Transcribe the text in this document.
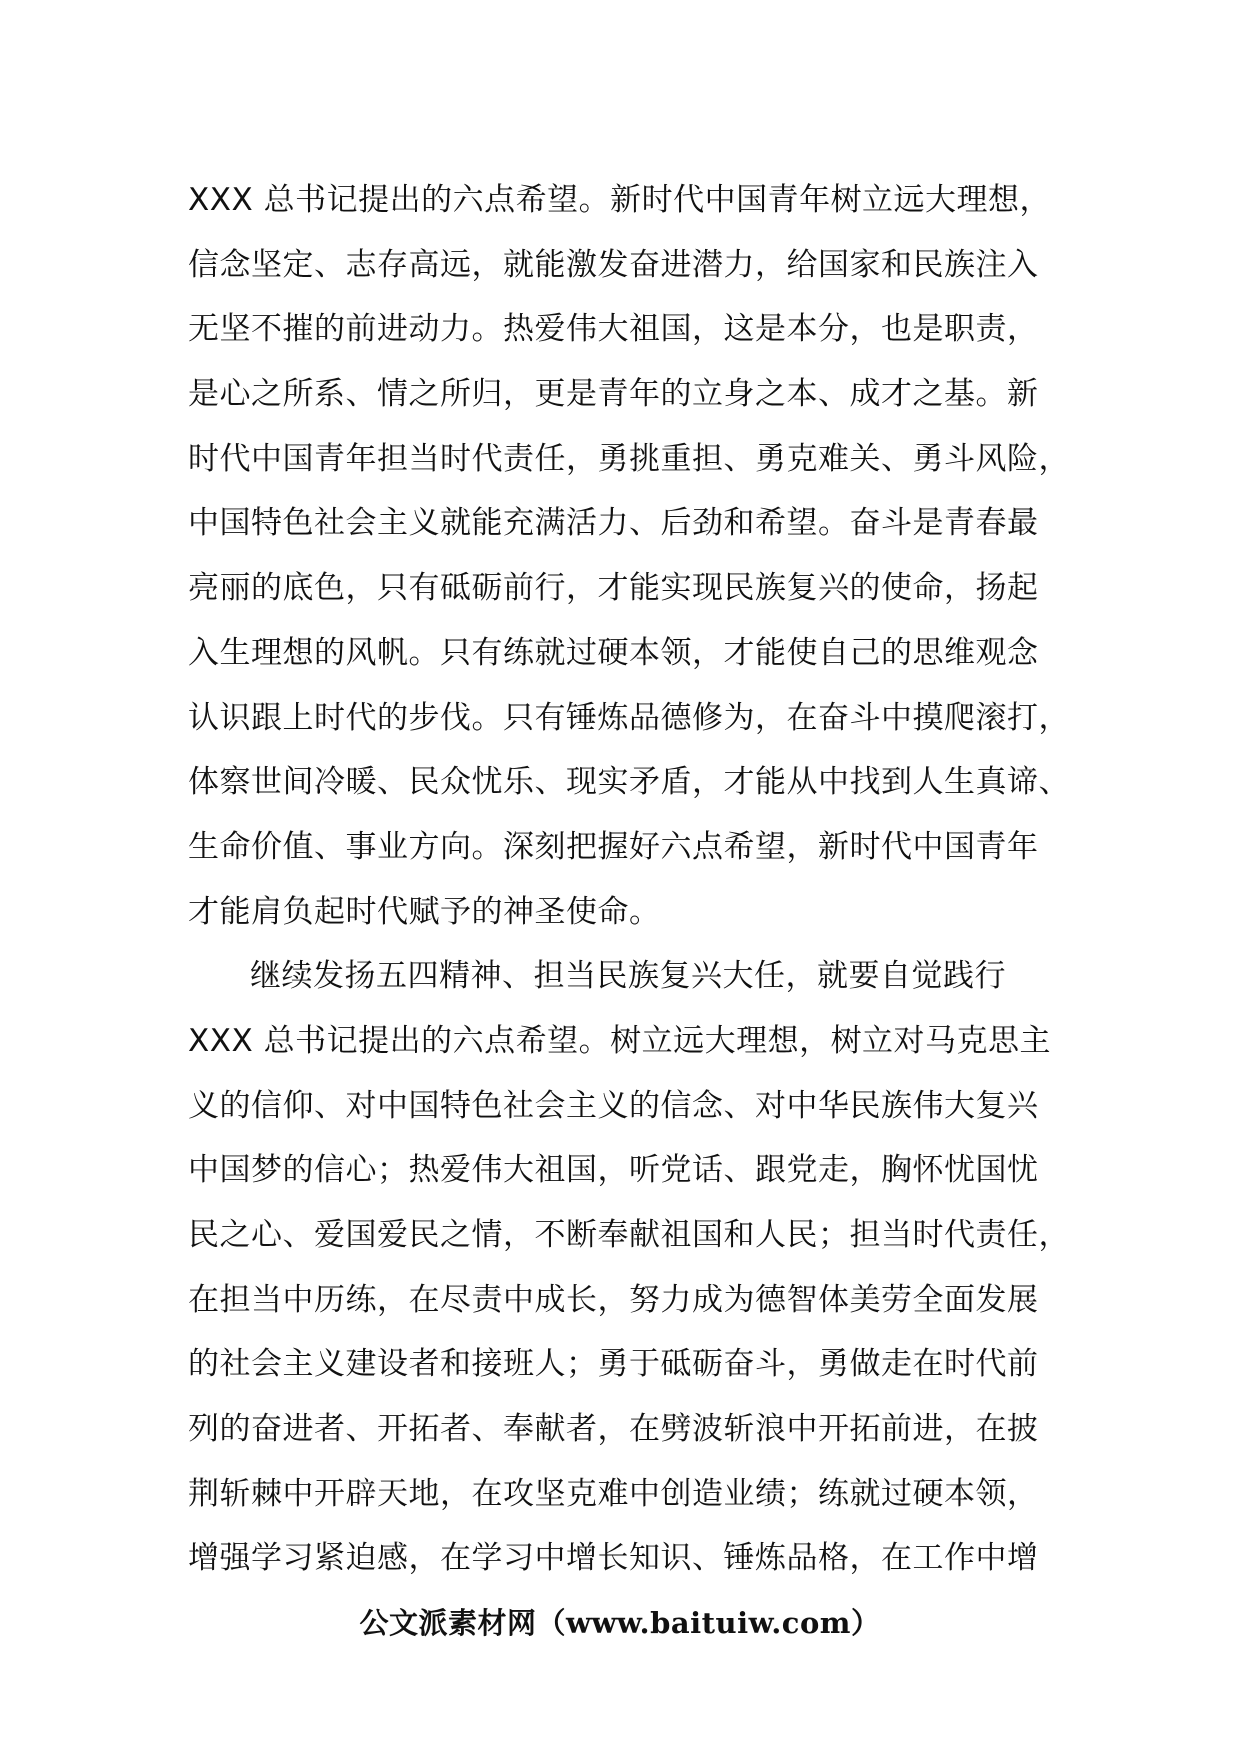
XXX 总书记提出的六点希望。新时代中国青年树立远大理想，
信念坚定、志存高远，就能激发奋进潜力，给国家和民族注入
无坚不摧的前进动力。热爱伟大祖国，这是本分，也是职责，
是心之所系、情之所归，更是青年的立身之本、成才之基。新
时代中国青年担当时代责任，勇挑重担、勇克难关、勇斗风险，
中国特色社会主义就能充满活力、后劲和希望。奋斗是青春最
亮丽的底色，只有砥砺前行，才能实现民族复兴的使命，扬起
入生理想的风帆。只有练就过硬本领，才能使自己的思维观念
认识跟上时代的步伐。只有锤炼品德修为，在奋斗中摸爬滚打，
体察世间冷暖、民众忧乐、现实矛盾，才能从中找到人生真谛、
生命价值、事业方向。深刻把握好六点希望，新时代中国青年
才能肩负起时代赋予的神圣使命。
继续发扬五四精神、担当民族复兴大任，就要自觉践行
XXX 总书记提出的六点希望。树立远大理想，树立对马克思主
义的信仰、对中国特色社会主义的信念、对中华民族伟大复兴
中国梦的信心；热爱伟大祖国，听党话、跟党走，胸怀忧国忧
民之心、爱国爱民之情，不断奉献祖国和人民；担当时代责任，
在担当中历练，在尽责中成长，努力成为德智体美劳全面发展
的社会主义建设者和接班人；勇于砥砺奋斗，勇做走在时代前
列的奋进者、开拓者、奉献者，在劈波斩浪中开拓前进，在披
荆斩棘中开辟天地，在攻坚克难中创造业绩；练就过硬本领，
增强学习紧迫感，在学习中增长知识、锤炼品格，在工作中增
公文派素材网（www.baituiw.com）
